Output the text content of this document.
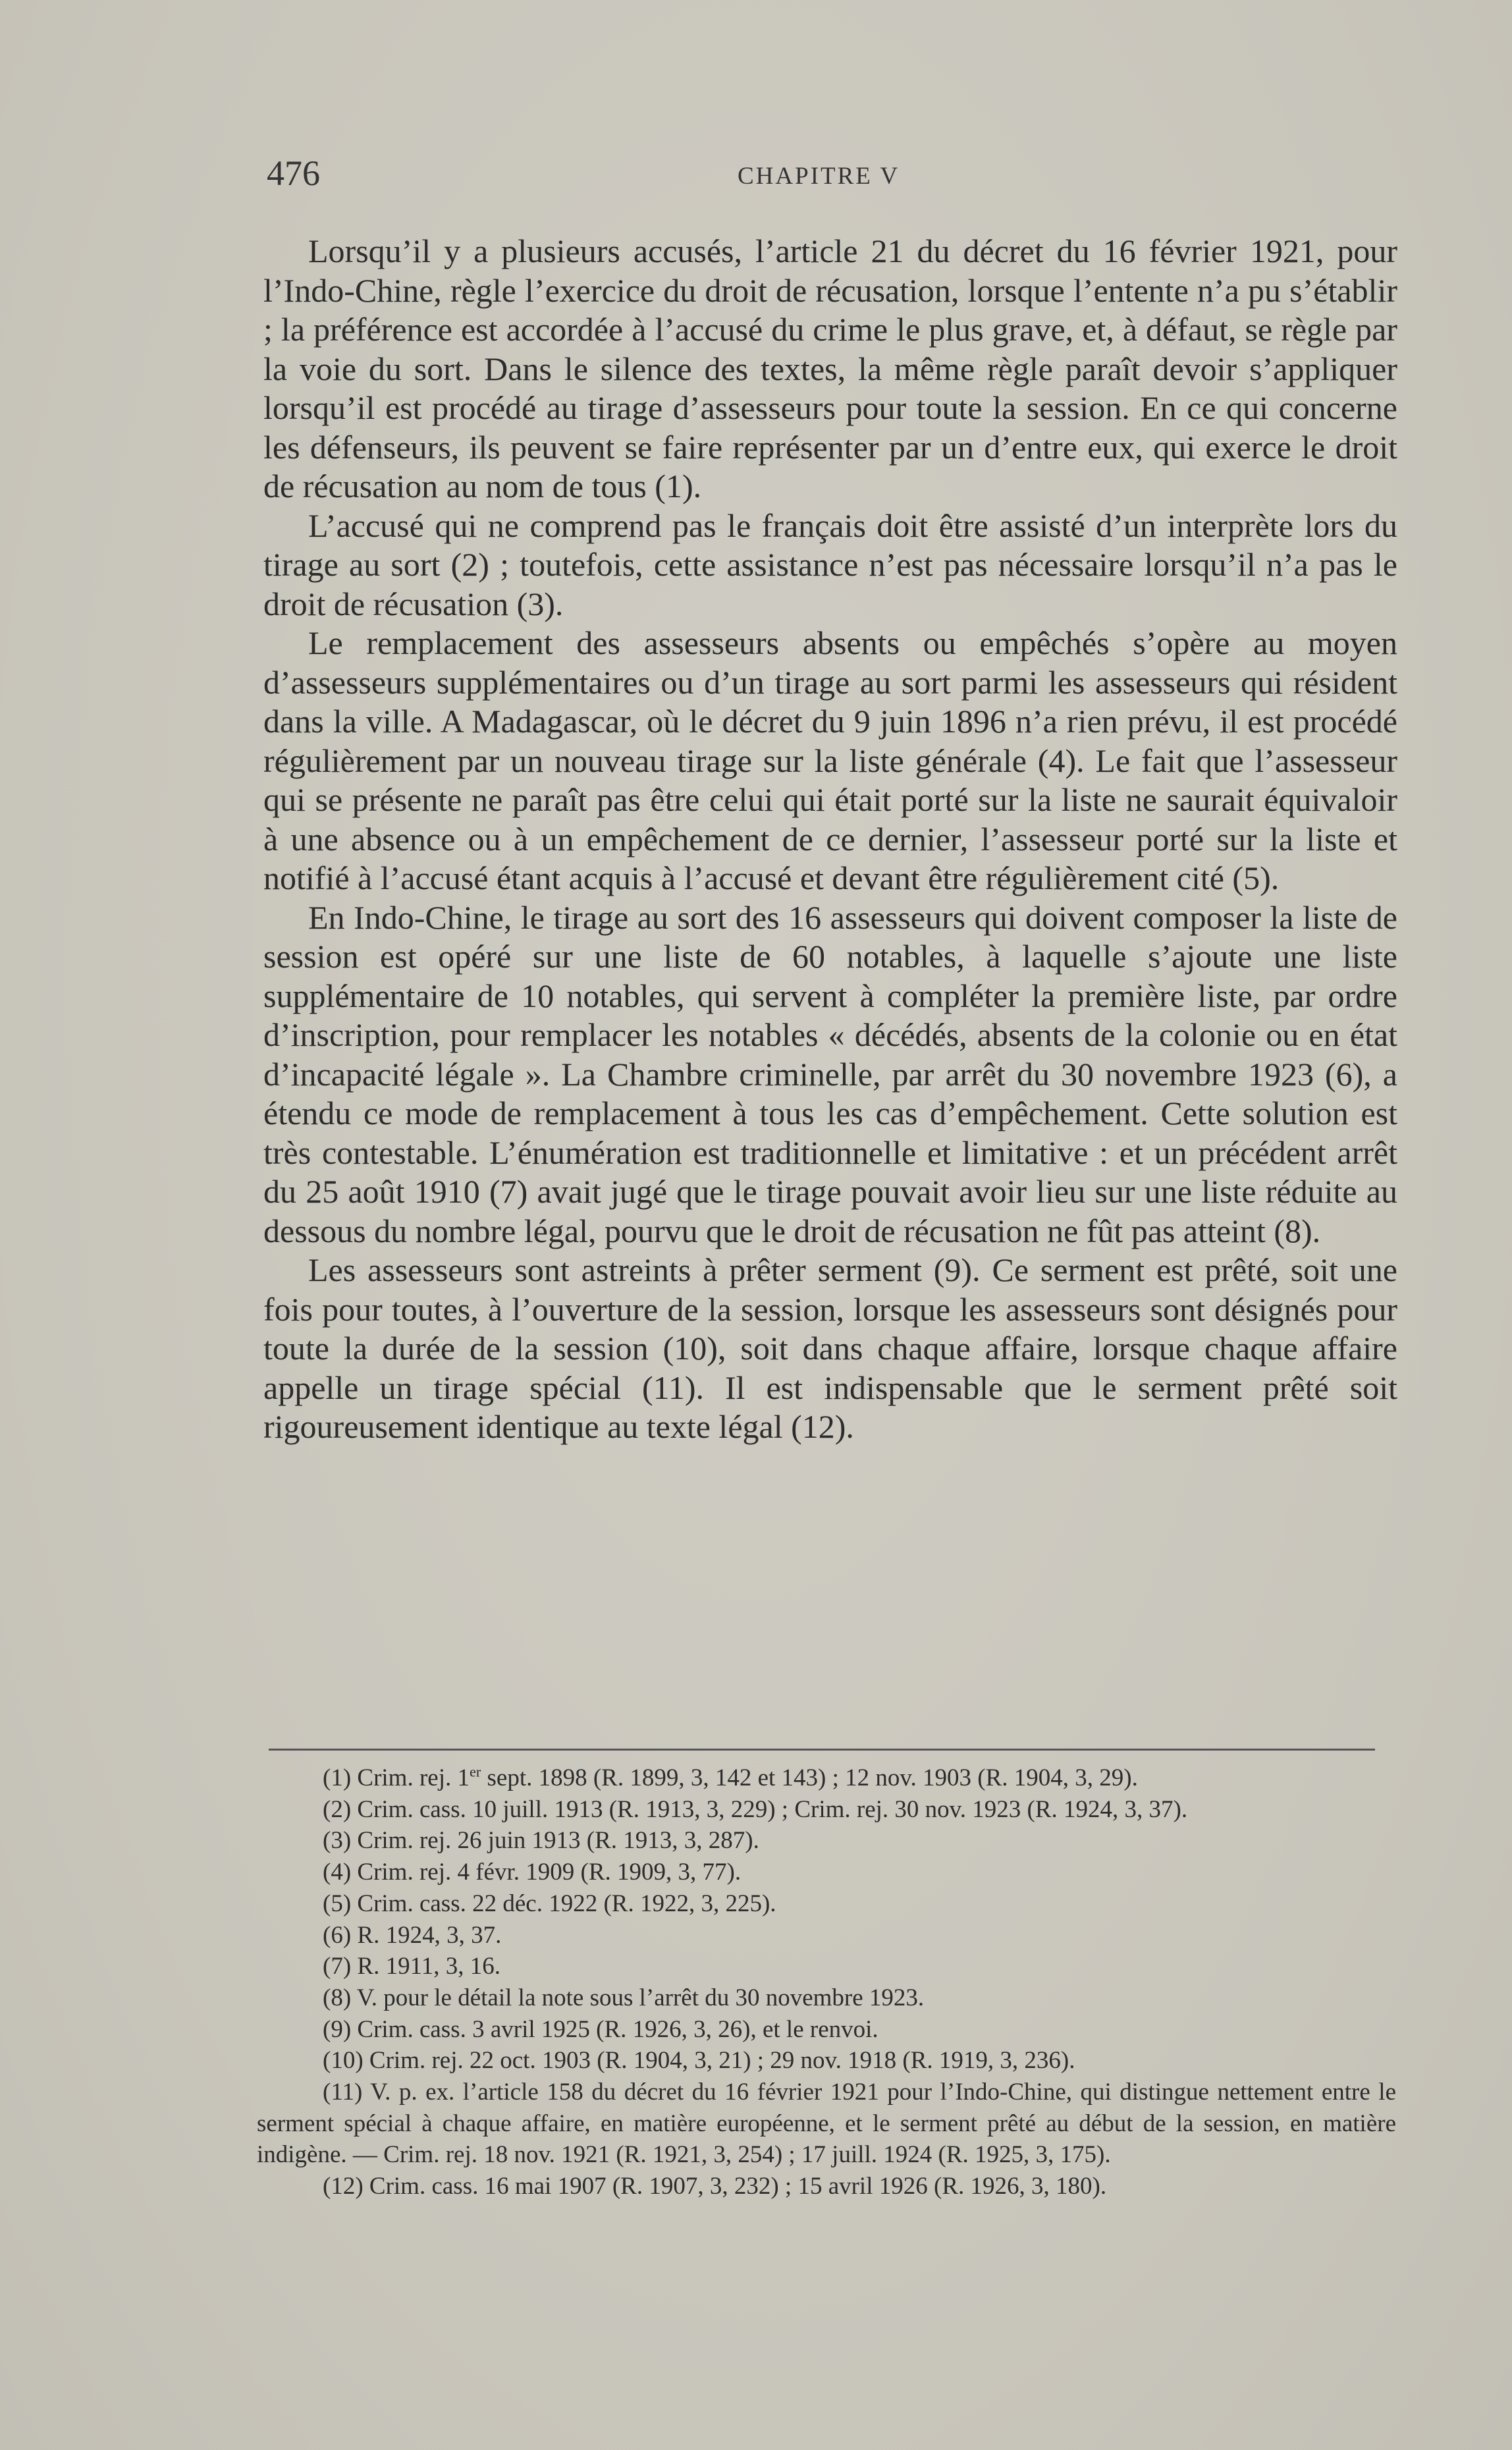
476	CHAPITRE V

Lorsqu’il y a plusieurs accusés, l’article 21 du décret du 16 février 1921, pour l’Indo-Chine, règle l’exercice du droit de récusation, lorsque l’entente n’a pu s’établir ; la préférence est accordée à l’accusé du crime le plus grave, et, à défaut, se règle par la voie du sort. Dans le silence des textes, la même règle paraît devoir s’appliquer lorsqu’il est procédé au tirage d’assesseurs pour toute la session. En ce qui concerne les défenseurs, ils peuvent se faire représenter par un d’entre eux, qui exerce le droit de récusation au nom de tous (1).

L’accusé qui ne comprend pas le français doit être assisté d’un interprète lors du tirage au sort (2) ; toutefois, cette assistance n’est pas nécessaire lorsqu’il n’a pas le droit de récusation (3).

Le remplacement des assesseurs absents ou empêchés s’opère au moyen d’assesseurs supplémentaires ou d’un tirage au sort parmi les assesseurs qui résident dans la ville. A Madagascar, où le décret du 9 juin 1896 n’a rien prévu, il est procédé régulièrement par un nouveau tirage sur la liste générale (4). Le fait que l’assesseur qui se présente ne paraît pas être celui qui était porté sur la liste ne saurait équivaloir à une absence ou à un empêchement de ce dernier, l’assesseur porté sur la liste et notifié à l’accusé étant acquis à l’accusé et devant être régulièrement cité (5).

En Indo-Chine, le tirage au sort des 16 assesseurs qui doivent composer la liste de session est opéré sur une liste de 60 notables, à laquelle s’ajoute une liste supplémentaire de 10 notables, qui servent à compléter la première liste, par ordre d’inscription, pour remplacer les notables « décédés, absents de la colonie ou en état d’incapacité légale ». La Chambre criminelle, par arrêt du 30 novembre 1923 (6), a étendu ce mode de remplacement à tous les cas d’empêchement. Cette solution est très contestable. L’énumération est traditionnelle et limitative : et un précédent arrêt du 25 août 1910 (7) avait jugé que le tirage pouvait avoir lieu sur une liste réduite au dessous du nombre légal, pourvu que le droit de récusation ne fût pas atteint (8).

Les assesseurs sont astreints à prêter serment (9). Ce serment est prêté, soit une fois pour toutes, à l’ouverture de la session, lorsque les assesseurs sont désignés pour toute la durée de la session (10), soit dans chaque affaire, lorsque chaque affaire appelle un tirage spécial (11). Il est indispensable que le serment prêté soit rigoureusement identique au texte légal (12).

(1) Crim. rej. 1er sept. 1898 (R. 1899, 3, 142 et 143) ; 12 nov. 1903 (R. 1904, 3, 29).

(2) Crim. cass. 10 juill. 1913 (R. 1913, 3, 229) ; Crim. rej. 30 nov. 1923 (R. 1924, 3, 37).

(3) Crim. rej. 26 juin 1913 (R. 1913, 3, 287).

(4) Crim. rej. 4 févr. 1909 (R. 1909, 3, 77).

(5) Crim. cass. 22 déc. 1922 (R. 1922, 3, 225).

(6) R. 1924, 3, 37.

(7) R. 1911, 3, 16.

(8) V. pour le détail la note sous l’arrêt du 30 novembre 1923.

(9) Crim. cass. 3 avril 1925 (R. 1926, 3, 26), et le renvoi.

(10) Crim. rej. 22 oct. 1903 (R. 1904, 3, 21) ; 29 nov. 1918 (R. 1919, 3, 236).

(11) V. p. ex. l’article 158 du décret du 16 février 1921 pour l’Indo-Chine, qui distingue nettement entre le serment spécial à chaque affaire, en matière européenne, et le serment prêté au début de la session, en matière indigène. — Crim. rej. 18 nov. 1921 (R. 1921, 3, 254) ; 17 juill. 1924 (R. 1925, 3, 175).

(12) Crim. cass. 16 mai 1907 (R. 1907, 3, 232) ; 15 avril 1926 (R. 1926, 3, 180).
